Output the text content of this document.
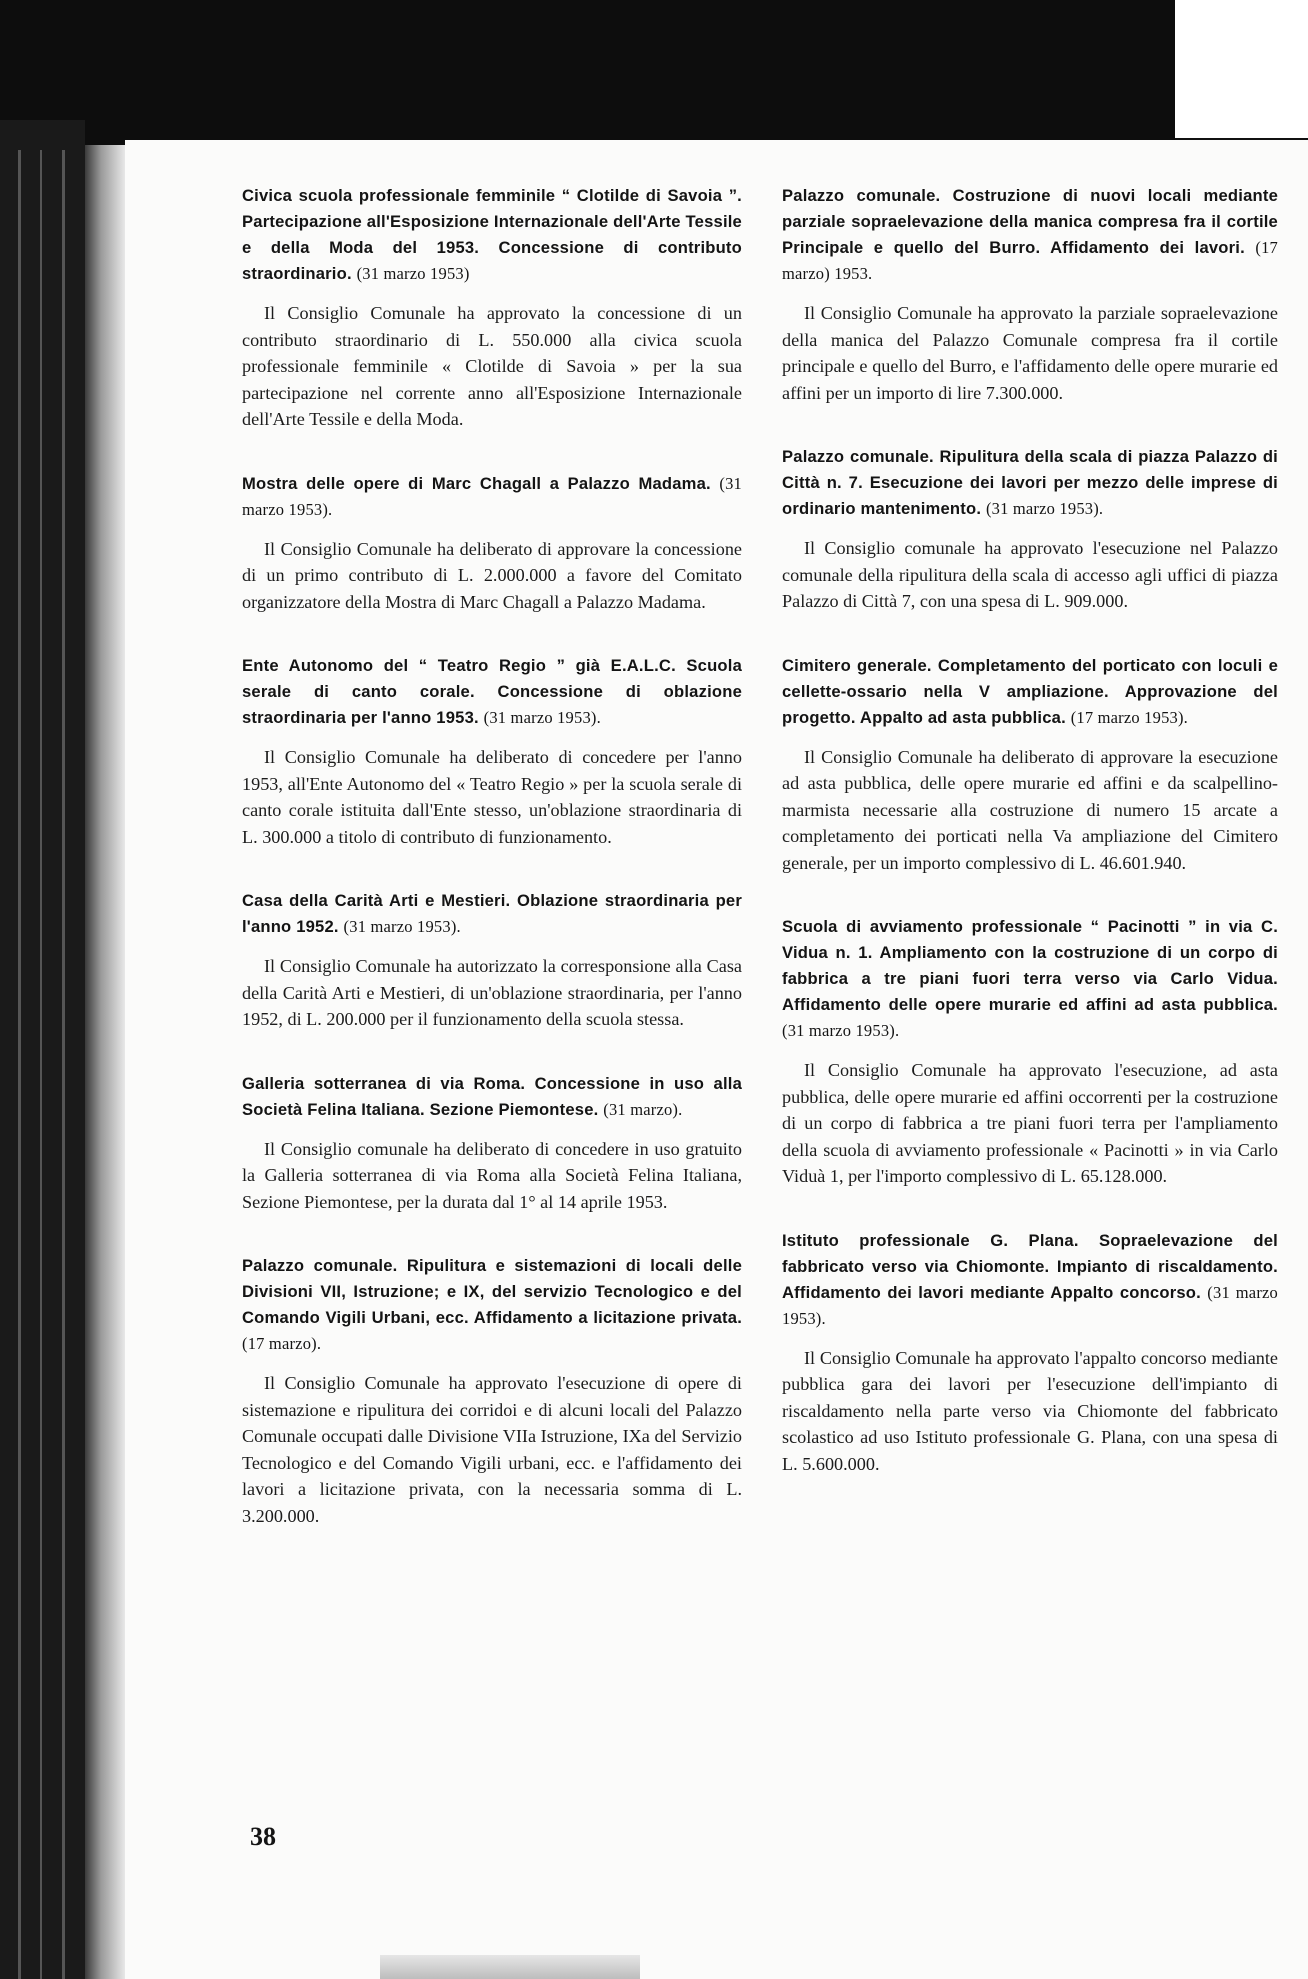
Civica scuola professionale femminile “ Clotilde di Savoia ”. Partecipazione all'Esposizione Internazionale dell'Arte Tessile e della Moda del 1953. Concessione di contributo straordinario. (31 marzo 1953)

Il Consiglio Comunale ha approvato la concessione di un contributo straordinario di L. 550.000 alla civica scuola professionale femminile « Clotilde di Savoia » per la sua partecipazione nel corrente anno all'Esposizione Internazionale dell'Arte Tessile e della Moda.

Mostra delle opere di Marc Chagall a Palazzo Madama. (31 marzo 1953).

Il Consiglio Comunale ha deliberato di approvare la concessione di un primo contributo di L. 2.000.000 a favore del Comitato organizzatore della Mostra di Marc Chagall a Palazzo Madama.

Ente Autonomo del “ Teatro Regio ” già E.A.L.C. Scuola serale di canto corale. Concessione di oblazione straordinaria per l'anno 1953. (31 marzo 1953).

Il Consiglio Comunale ha deliberato di concedere per l'anno 1953, all'Ente Autonomo del « Teatro Regio » per la scuola serale di canto corale istituita dall'Ente stesso, un'oblazione straordinaria di L. 300.000 a titolo di contributo di funzionamento.

Casa della Carità Arti e Mestieri. Oblazione straordinaria per l'anno 1952. (31 marzo 1953).

Il Consiglio Comunale ha autorizzato la corresponsione alla Casa della Carità Arti e Mestieri, di un'oblazione straordinaria, per l'anno 1952, di L. 200.000 per il funzionamento della scuola stessa.

Galleria sotterranea di via Roma. Concessione in uso alla Società Felina Italiana. Sezione Piemontese. (31 marzo).

Il Consiglio comunale ha deliberato di concedere in uso gratuito la Galleria sotterranea di via Roma alla Società Felina Italiana, Sezione Piemontese, per la durata dal 1° al 14 aprile 1953.

Palazzo comunale. Ripulitura e sistemazioni di locali delle Divisioni VII, Istruzione; e IX, del servizio Tecnologico e del Comando Vigili Urbani, ecc. Affidamento a licitazione privata. (17 marzo).

Il Consiglio Comunale ha approvato l'esecuzione di opere di sistemazione e ripulitura dei corridoi e di alcuni locali del Palazzo Comunale occupati dalle Divisione VIIa Istruzione, IXa del Servizio Tecnologico e del Comando Vigili urbani, ecc. e l'affidamento dei lavori a licitazione privata, con la necessaria somma di L. 3.200.000.

Palazzo comunale. Costruzione di nuovi locali mediante parziale sopraelevazione della manica compresa fra il cortile Principale e quello del Burro. Affidamento dei lavori. (17 marzo) 1953.

Il Consiglio Comunale ha approvato la parziale sopraelevazione della manica del Palazzo Comunale compresa fra il cortile principale e quello del Burro, e l'affidamento delle opere murarie ed affini per un importo di lire 7.300.000.

Palazzo comunale. Ripulitura della scala di piazza Palazzo di Città n. 7. Esecuzione dei lavori per mezzo delle imprese di ordinario mantenimento. (31 marzo 1953).

Il Consiglio comunale ha approvato l'esecuzione nel Palazzo comunale della ripulitura della scala di accesso agli uffici di piazza Palazzo di Città 7, con una spesa di L. 909.000.

Cimitero generale. Completamento del porticato con loculi e cellette-ossario nella V ampliazione. Approvazione del progetto. Appalto ad asta pubblica. (17 marzo 1953).

Il Consiglio Comunale ha deliberato di approvare la esecuzione ad asta pubblica, delle opere murarie ed affini e da scalpellino-marmista necessarie alla costruzione di numero 15 arcate a completamento dei porticati nella Va ampliazione del Cimitero generale, per un importo complessivo di L. 46.601.940.

Scuola di avviamento professionale “ Pacinotti ” in via C. Vidua n. 1. Ampliamento con la costruzione di un corpo di fabbrica a tre piani fuori terra verso via Carlo Vidua. Affidamento delle opere murarie ed affini ad asta pubblica. (31 marzo 1953).

Il Consiglio Comunale ha approvato l'esecuzione, ad asta pubblica, delle opere murarie ed affini occorrenti per la costruzione di un corpo di fabbrica a tre piani fuori terra per l'ampliamento della scuola di avviamento professionale « Pacinotti » in via Carlo Viduà 1, per l'importo complessivo di L. 65.128.000.

Istituto professionale G. Plana. Sopraelevazione del fabbricato verso via Chiomonte. Impianto di riscaldamento. Affidamento dei lavori mediante Appalto concorso. (31 marzo 1953).

Il Consiglio Comunale ha approvato l'appalto concorso mediante pubblica gara dei lavori per l'esecuzione dell'impianto di riscaldamento nella parte verso via Chiomonte del fabbricato scolastico ad uso Istituto professionale G. Plana, con una spesa di L. 5.600.000.

38
